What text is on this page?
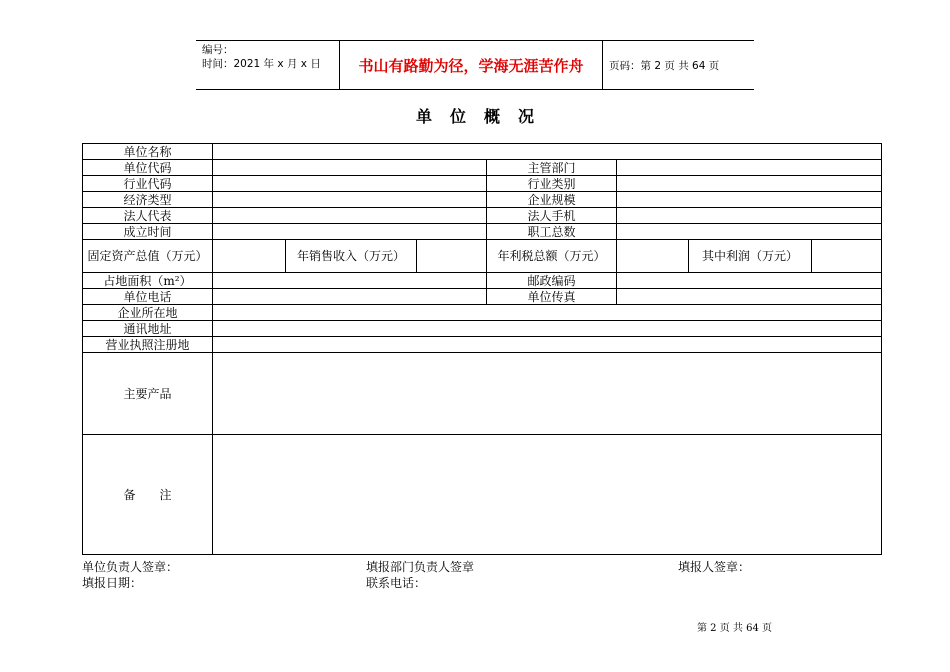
编号：
时间：2021 年 x 月 x 日	书山有路勤为径，学海无涯苦作舟	页码：第 2 页 共 64 页
单位概况
单位名称							
单位代码				主管部门			
行业代码				行业类别			
经济类型				企业规模			
法人代表				法人手机			
成立时间				职工总数			
固定资产总值（万元）		年销售收入（万元）		年利税总额（万元）		其中利润（万元）	
占地面积（m²）				邮政编码			
单位电话				单位传真			
企业所在地							
通讯地址							
营业执照注册地							
主要产品							
备　　注							
单位负责人签章：	填报部门负责人签章	填报人签章：
填报日期：	联系电话：
第 2 页 共 64 页
